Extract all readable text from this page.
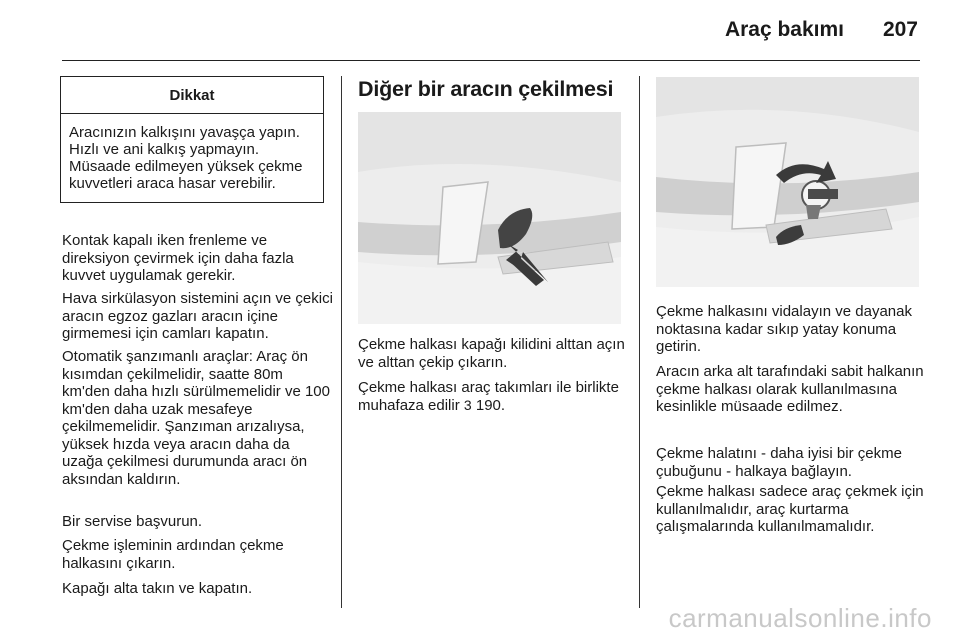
Araç bakımı 207
Dikkat
Aracınızın kalkışını yavaşça yapın. Hızlı ve ani kalkış yapmayın. Müsaade edilmeyen yüksek çekme kuvvetleri araca hasar verebilir.
Kontak kapalı iken frenleme ve direksiyon çevirmek için daha fazla kuvvet uygulamak gerekir.
Hava sirkülasyon sistemini açın ve çekici aracın egzoz gazları aracın içine girmemesi için camları kapatın.
Otomatik şanzımanlı araçlar: Araç ön kısımdan çekilmelidir, saatte 80m km'den daha hızlı sürülmemelidir ve 100 km'den daha uzak mesafeye çekilmemelidir. Şanzıman arızalıysa, yüksek hızda veya aracın daha da uzağa çekilmesi durumunda aracı ön aksından kaldırın.
Bir servise başvurun.
Çekme işleminin ardından çekme halkasını çıkarın.
Kapağı alta takın ve kapatın.
Diğer bir aracın çekilmesi
Çekme halkası kapağı kilidini alttan açın ve alttan çekip çıkarın.
Çekme halkası araç takımları ile birlikte muhafaza edilir 3 190.
Çekme halkasını vidalayın ve dayanak noktasına kadar sıkıp yatay konuma getirin.
Aracın arka alt tarafındaki sabit halkanın çekme halkası olarak kullanılmasına kesinlikle müsaade edilmez.
Çekme halatını - daha iyisi bir çekme çubuğunu - halkaya bağlayın.
Çekme halkası sadece araç çekmek için kullanılmalıdır, araç kurtarma çalışmalarında kullanılmamalıdır.
carmanualsonline.info
